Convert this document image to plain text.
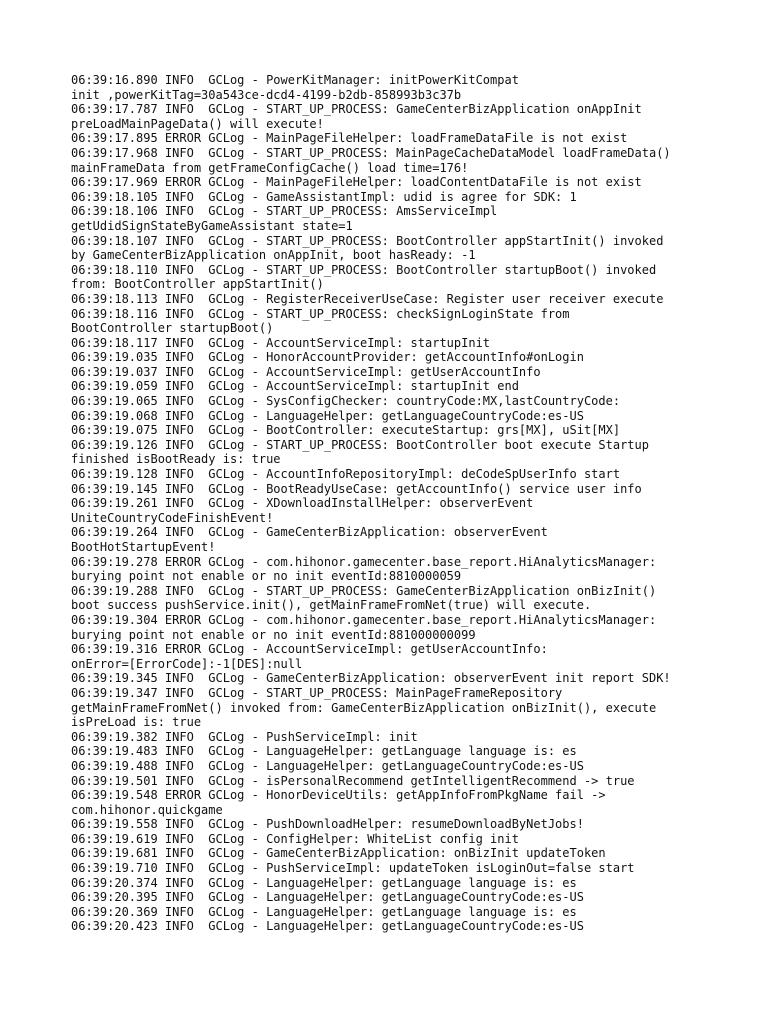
06:39:16.890 INFO  GCLog - PowerKitManager: initPowerKitCompat
init ,powerKitTag=30a543ce-dcd4-4199-b2db-858993b3c37b
06:39:17.787 INFO  GCLog - START_UP_PROCESS: GameCenterBizApplication onAppInit
preLoadMainPageData() will execute!
06:39:17.895 ERROR GCLog - MainPageFileHelper: loadFrameDataFile is not exist
06:39:17.968 INFO  GCLog - START_UP_PROCESS: MainPageCacheDataModel loadFrameData()
mainFrameData from getFrameConfigCache() load time=176!
06:39:17.969 ERROR GCLog - MainPageFileHelper: loadContentDataFile is not exist
06:39:18.105 INFO  GCLog - GameAssistantImpl: udid is agree for SDK: 1
06:39:18.106 INFO  GCLog - START_UP_PROCESS: AmsServiceImpl
getUdidSignStateByGameAssistant state=1
06:39:18.107 INFO  GCLog - START_UP_PROCESS: BootController appStartInit() invoked
by GameCenterBizApplication onAppInit, boot hasReady: -1
06:39:18.110 INFO  GCLog - START_UP_PROCESS: BootController startupBoot() invoked
from: BootController appStartInit()
06:39:18.113 INFO  GCLog - RegisterReceiverUseCase: Register user receiver execute
06:39:18.116 INFO  GCLog - START_UP_PROCESS: checkSignLoginState from
BootController startupBoot()
06:39:18.117 INFO  GCLog - AccountServiceImpl: startupInit
06:39:19.035 INFO  GCLog - HonorAccountProvider: getAccountInfo#onLogin
06:39:19.037 INFO  GCLog - AccountServiceImpl: getUserAccountInfo
06:39:19.059 INFO  GCLog - AccountServiceImpl: startupInit end
06:39:19.065 INFO  GCLog - SysConfigChecker: countryCode:MX,lastCountryCode:
06:39:19.068 INFO  GCLog - LanguageHelper: getLanguageCountryCode:es-US
06:39:19.075 INFO  GCLog - BootController: executeStartup: grs[MX], uSit[MX]
06:39:19.126 INFO  GCLog - START_UP_PROCESS: BootController boot execute Startup
finished isBootReady is: true
06:39:19.128 INFO  GCLog - AccountInfoRepositoryImpl: deCodeSpUserInfo start
06:39:19.145 INFO  GCLog - BootReadyUseCase: getAccountInfo() service user info
06:39:19.261 INFO  GCLog - XDownloadInstallHelper: observerEvent
UniteCountryCodeFinishEvent!
06:39:19.264 INFO  GCLog - GameCenterBizApplication: observerEvent
BootHotStartupEvent!
06:39:19.278 ERROR GCLog - com.hihonor.gamecenter.base_report.HiAnalyticsManager:
burying point not enable or no init eventId:8810000059
06:39:19.288 INFO  GCLog - START_UP_PROCESS: GameCenterBizApplication onBizInit()
boot success pushService.init(), getMainFrameFromNet(true) will execute.
06:39:19.304 ERROR GCLog - com.hihonor.gamecenter.base_report.HiAnalyticsManager:
burying point not enable or no init eventId:881000000099
06:39:19.316 ERROR GCLog - AccountServiceImpl: getUserAccountInfo:
onError=[ErrorCode]:-1[DES]:null
06:39:19.345 INFO  GCLog - GameCenterBizApplication: observerEvent init report SDK!
06:39:19.347 INFO  GCLog - START_UP_PROCESS: MainPageFrameRepository
getMainFrameFromNet() invoked from: GameCenterBizApplication onBizInit(), execute
isPreLoad is: true
06:39:19.382 INFO  GCLog - PushServiceImpl: init
06:39:19.483 INFO  GCLog - LanguageHelper: getLanguage language is: es
06:39:19.488 INFO  GCLog - LanguageHelper: getLanguageCountryCode:es-US
06:39:19.501 INFO  GCLog - isPersonalRecommend getIntelligentRecommend -> true
06:39:19.548 ERROR GCLog - HonorDeviceUtils: getAppInfoFromPkgName fail ->
com.hihonor.quickgame
06:39:19.558 INFO  GCLog - PushDownloadHelper: resumeDownloadByNetJobs!
06:39:19.619 INFO  GCLog - ConfigHelper: WhiteList config init
06:39:19.681 INFO  GCLog - GameCenterBizApplication: onBizInit updateToken
06:39:19.710 INFO  GCLog - PushServiceImpl: updateToken isLoginOut=false start
06:39:20.374 INFO  GCLog - LanguageHelper: getLanguage language is: es
06:39:20.395 INFO  GCLog - LanguageHelper: getLanguageCountryCode:es-US
06:39:20.369 INFO  GCLog - LanguageHelper: getLanguage language is: es
06:39:20.423 INFO  GCLog - LanguageHelper: getLanguageCountryCode:es-US
